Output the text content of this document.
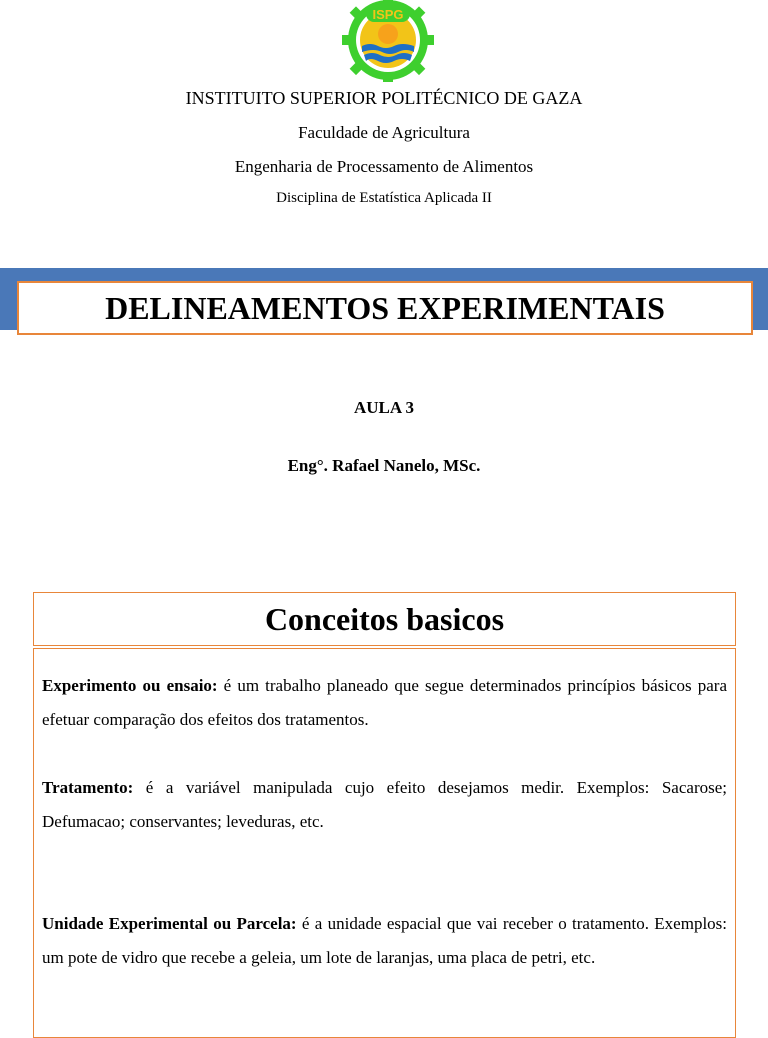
ISPG
INSTITUITO SUPERIOR POLITÉCNICO DE GAZA
Faculdade de Agricultura
Engenharia de Processamento de Alimentos
Disciplina de Estatística Aplicada II
DELINEAMENTOS EXPERIMENTAIS
AULA 3
Eng°. Rafael Nanelo, MSc.
Conceitos basicos

Experimento ou ensaio: é um trabalho planeado que segue determinados princípios básicos para efetuar comparação dos efeitos dos tratamentos.

Tratamento: é a variável manipulada cujo efeito desejamos medir. Exemplos: Sacarose; Defumacao; conservantes; leveduras, etc.

Unidade Experimental ou Parcela: é a unidade espacial que vai receber o tratamento. Exemplos: um pote de vidro que recebe a geleia, um lote de laranjas, uma placa de petri, etc.
